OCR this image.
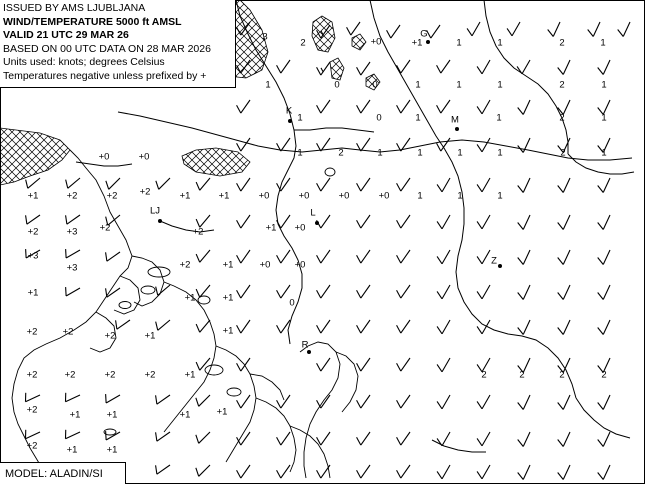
2	+0	+1	1	1	2	1
3
1	0	0	1	1	1	2	1
1	0	1	1	2	1
+0	+0	1	2	1	1	1	1	2	1
+1	+2	+2 +2	+1	+1	+0	+0	+0	+0	1	1	1
+2	+3 +2	+2	+1 +0
+3
+3	+2	+1	+0	+0
+1	+1	+1	0
+2	+2	+2	+1	+1
+2	+2	+2	+2	+1	2	2	2	2
+2	+1	+1	+1	+1
+2	+1	+1
G
K
M
LJ	L
Z
R
ISSUED BY AMS LJUBLJANA
WIND/TEMPERATURE 5000 ft AMSL
VALID 21 UTC 29 MAR 26
BASED ON 00 UTC DATA ON 28 MAR 2026
Units used: knots; degrees Celsius
Temperatures negative unless prefixed by +
MODEL: ALADIN/SI
